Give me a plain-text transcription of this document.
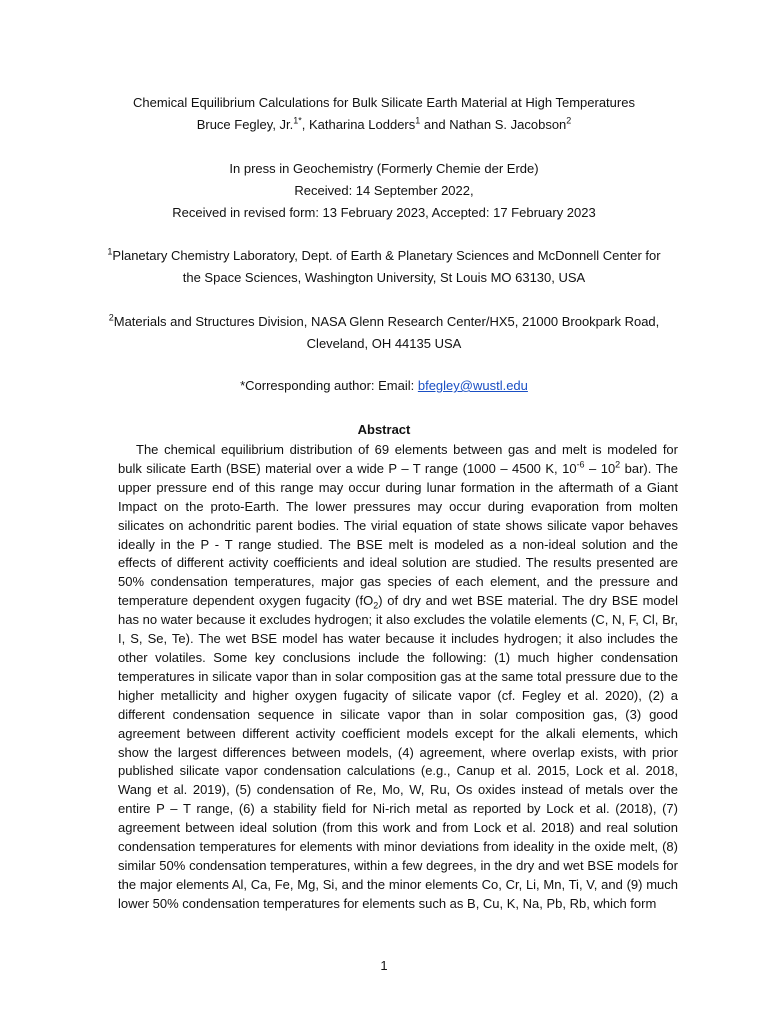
Chemical Equilibrium Calculations for Bulk Silicate Earth Material at High Temperatures
Bruce Fegley, Jr.$^{1*}$, Katharina Lodders$^1$ and Nathan S. Jacobson$^2$
In press in Geochemistry (Formerly Chemie der Erde)
Received: 14 September 2022,
Received in revised form: 13 February 2023, Accepted: 17 February 2023
$^1$Planetary Chemistry Laboratory, Dept. of Earth & Planetary Sciences and McDonnell Center for
the Space Sciences, Washington University, St Louis MO 63130, USA
$^2$Materials and Structures Division, NASA Glenn Research Center/HX5, 21000 Brookpark Road,
Cleveland, OH 44135 USA
*Corresponding author: Email: bfegley@wustl.edu
Abstract

The chemical equilibrium distribution of 69 elements between gas and melt is modeled for bulk silicate Earth (BSE) material over a wide P – T range (1000 – 4500 K, $10^{-6} - 10^2$ bar). The upper pressure end of this range may occur during lunar formation in the aftermath of a Giant Impact on the proto-Earth. The lower pressures may occur during evaporation from molten silicates on achondritic parent bodies. The virial equation of state shows silicate vapor behaves ideally in the P - T range studied. The BSE melt is modeled as a non-ideal solution and the effects of different activity coefficients and ideal solution are studied. The results presented are 50% condensation temperatures, major gas species of each element, and the pressure and temperature dependent oxygen fugacity $(fO_2)$ of dry and wet BSE material. The dry BSE model has no water because it excludes hydrogen; it also excludes the volatile elements (C, N, F, Cl, Br, I, S, Se, Te). The wet BSE model has water because it includes hydrogen; it also includes the other volatiles. Some key conclusions include the following: (1) much higher condensation temperatures in silicate vapor than in solar composition gas at the same total pressure due to the higher metallicity and higher oxygen fugacity of silicate vapor (cf. Fegley et al. 2020), (2) a different condensation sequence in silicate vapor than in solar composition gas, (3) good agreement between different activity coefficient models except for the alkali elements, which show the largest differences between models, (4) agreement, where overlap exists, with prior published silicate vapor condensation calculations (e.g., Canup et al. 2015, Lock et al. 2018, Wang et al. 2019), (5) condensation of Re, Mo, W, Ru, Os oxides instead of metals over the entire P – T range, (6) a stability field for Ni-rich metal as reported by Lock et al. (2018), (7) agreement between ideal solution (from this work and from Lock et al. 2018) and real solution condensation temperatures for elements with minor deviations from ideality in the oxide melt, (8) similar 50% condensation temperatures, within a few degrees, in the dry and wet BSE models for the major elements Al, Ca, Fe, Mg, Si, and the minor elements Co, Cr, Li, Mn, Ti, V, and (9) much lower 50% condensation temperatures for elements such as B, Cu, K, Na, Pb, Rb, which form

1
